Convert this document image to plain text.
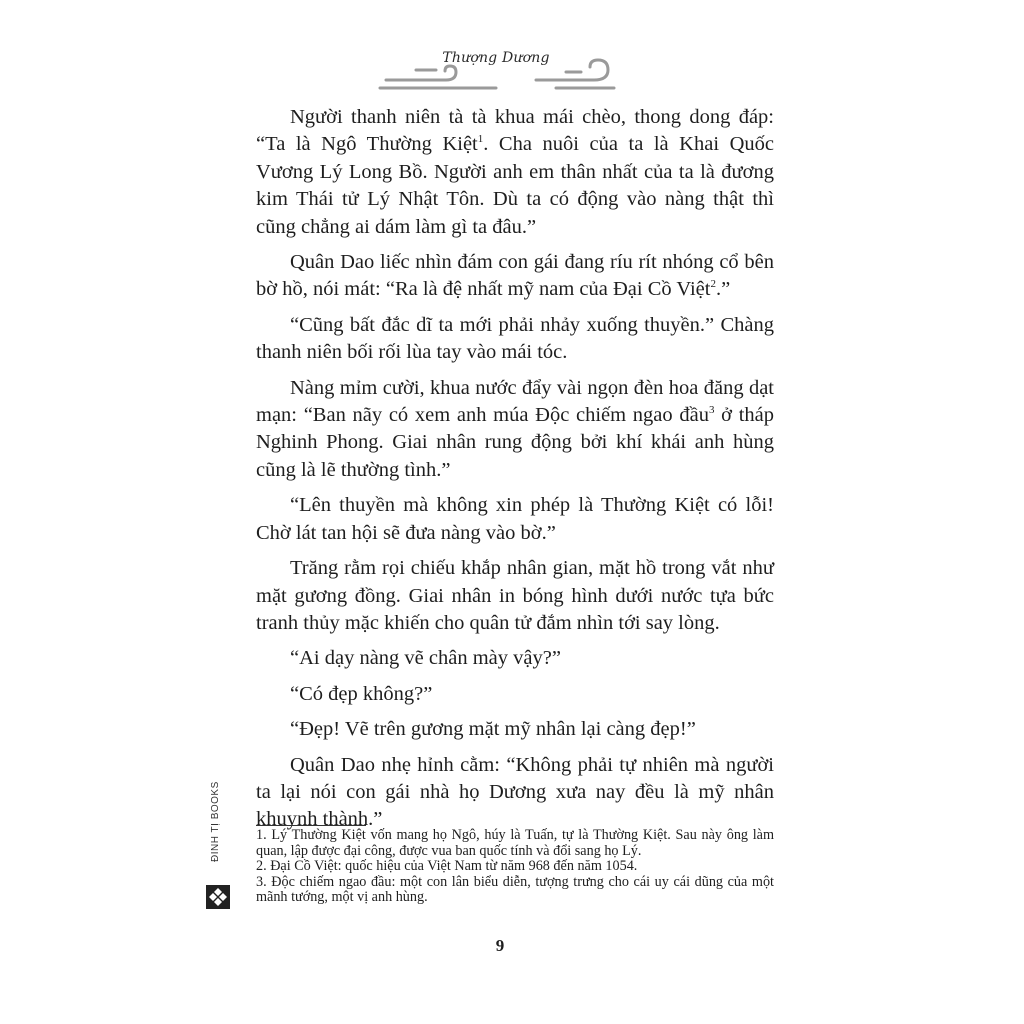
Thượng Dương

Người thanh niên tà tà khua mái chèo, thong dong đáp: “Ta là Ngô Thường Kiệt$^1$. Cha nuôi của ta là Khai Quốc Vương Lý Long Bồ. Người anh em thân nhất của ta là đương kim Thái tử Lý Nhật Tôn. Dù ta có động vào nàng thật thì cũng chẳng ai dám làm gì ta đâu.”

Quân Dao liếc nhìn đám con gái đang ríu rít nhóng cổ bên bờ hồ, nói mát: “Ra là đệ nhất mỹ nam của Đại Cồ Việt$^2$.”

“Cũng bất đắc dĩ ta mới phải nhảy xuống thuyền.” Chàng thanh niên bối rối lùa tay vào mái tóc.

Nàng mỉm cười, khua nước đẩy vài ngọn đèn hoa đăng dạt mạn: “Ban nãy có xem anh múa Độc chiếm ngao đầu$^3$ ở tháp Nghinh Phong. Giai nhân rung động bởi khí khái anh hùng cũng là lẽ thường tình.”

“Lên thuyền mà không xin phép là Thường Kiệt có lỗi! Chờ lát tan hội sẽ đưa nàng vào bờ.”

Trăng rằm rọi chiếu khắp nhân gian, mặt hồ trong vắt như mặt gương đồng. Giai nhân in bóng hình dưới nước tựa bức tranh thủy mặc khiến cho quân tử đắm nhìn tới say lòng.

“Ai dạy nàng vẽ chân mày vậy?”

“Có đẹp không?”

“Đẹp! Vẽ trên gương mặt mỹ nhân lại càng đẹp!”

Quân Dao nhẹ hỉnh cằm: “Không phải tự nhiên mà người ta lại nói con gái nhà họ Dương xưa nay đều là mỹ nhân khuynh thành.”

1. Lý Thường Kiệt vốn mang họ Ngô, húy là Tuấn, tự là Thường Kiệt. Sau này ông làm quan, lập được đại công, được vua ban quốc tính và đổi sang họ Lý.
2. Đại Cồ Việt: quốc hiệu của Việt Nam từ năm 968 đến năm 1054.
3. Độc chiếm ngao đầu: một con lân biểu diễn, tượng trưng cho cái uy cái dũng của một mãnh tướng, một vị anh hùng.
ĐINH TỊ BOOKS
9
